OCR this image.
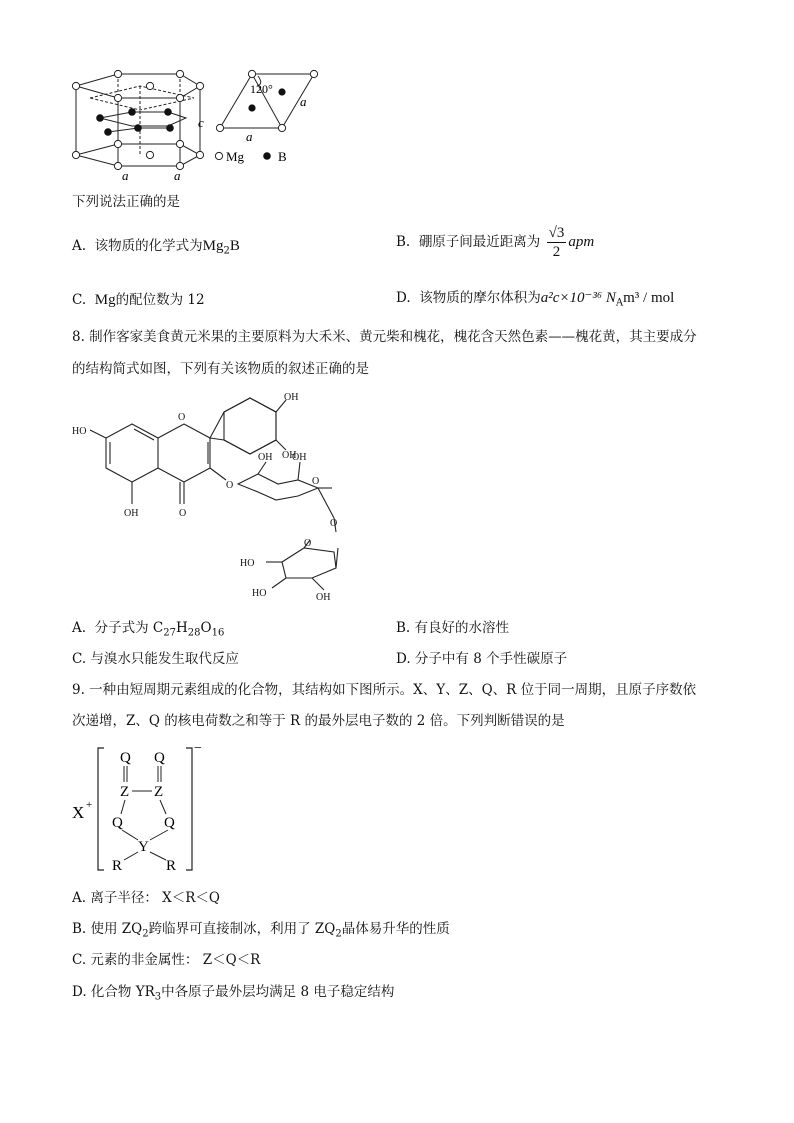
c
a	a
120°
a
a
Mg	B
下列说法正确的是
A. 该物质的化学式为$Mg_2B$	B. 硼原子间最近距离为 $\frac{√3}{2}$ apm
C. Mg的配位数为 12	D. 该物质的摩尔体积为a²c×10⁻³⁶ $N_Am^3$ / mol
8. 制作客家美食黄元米果的主要原料为大禾米、黄元柴和槐花，槐花含天然色素——槐花黄，其主要成分
的结构简式如图，下列有关该物质的叙述正确的是
OH
OH
HO
OH	O
O
O
OH OH
O
O
O
HO
HO	OH
A. 分子式为 $C_{27}H_{28}O_{16}$	B. 有良好的水溶性
C. 与溴水只能发生取代反应	D. 分子中有 8 个手性碳原子
9. 一种由短周期元素组成的化合物，其结构如下图所示。X、Y、Z、Q、R 位于同一周期，且原子序数依
次递增，Z、Q 的核电荷数之和等于 R 的最外层电子数的 2 倍。下列判断错误的是
X +
−
Q Q
Z Z
Q	Q
Y
R	R
A. 离子半径： X＜R＜Q
B. 使用 $ZQ_2$跨临界可直接制冰，利用了 $ZQ_2$晶体易升华的性质
C. 元素的非金属性： Z＜Q＜R
D. 化合物 $YR_3$中各原子最外层均满足 8 电子稳定结构
